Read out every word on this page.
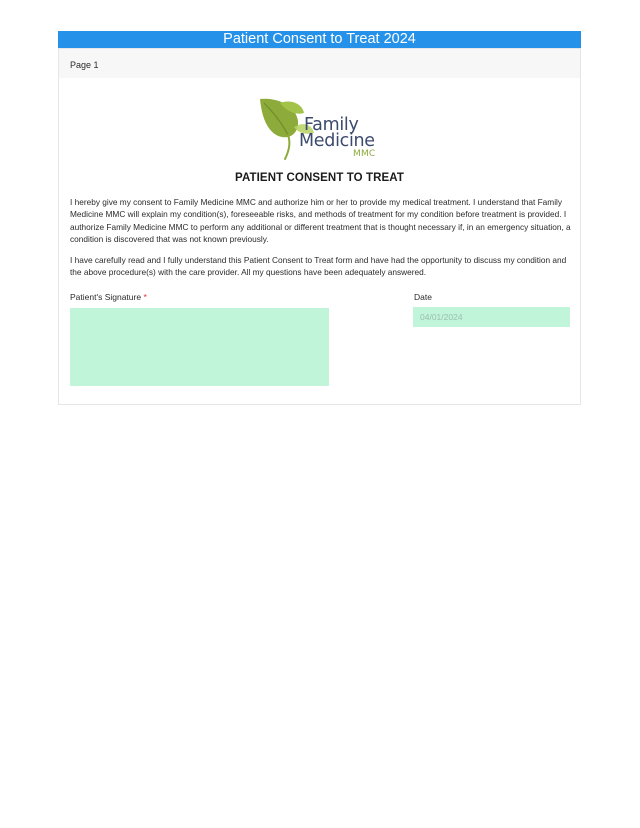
Patient Consent to Treat 2024
Page 1
Family
Medicine
MMC
PATIENT CONSENT TO TREAT

I hereby give my consent to Family Medicine MMC and authorize him or her to provide my medical treatment. I understand that Family Medicine MMC will explain my condition(s), foreseeable risks, and methods of treatment for my condition before treatment is provided. I authorize Family Medicine MMC to perform any additional or different treatment that is thought necessary if, in an emergency situation, a condition is discovered that was not known previously.

I have carefully read and I fully understand this Patient Consent to Treat form and have had the opportunity to discuss my condition and the above procedure(s) with the care provider. All my questions have been adequately answered.

Patient's Signature *	Date
04/01/2024
